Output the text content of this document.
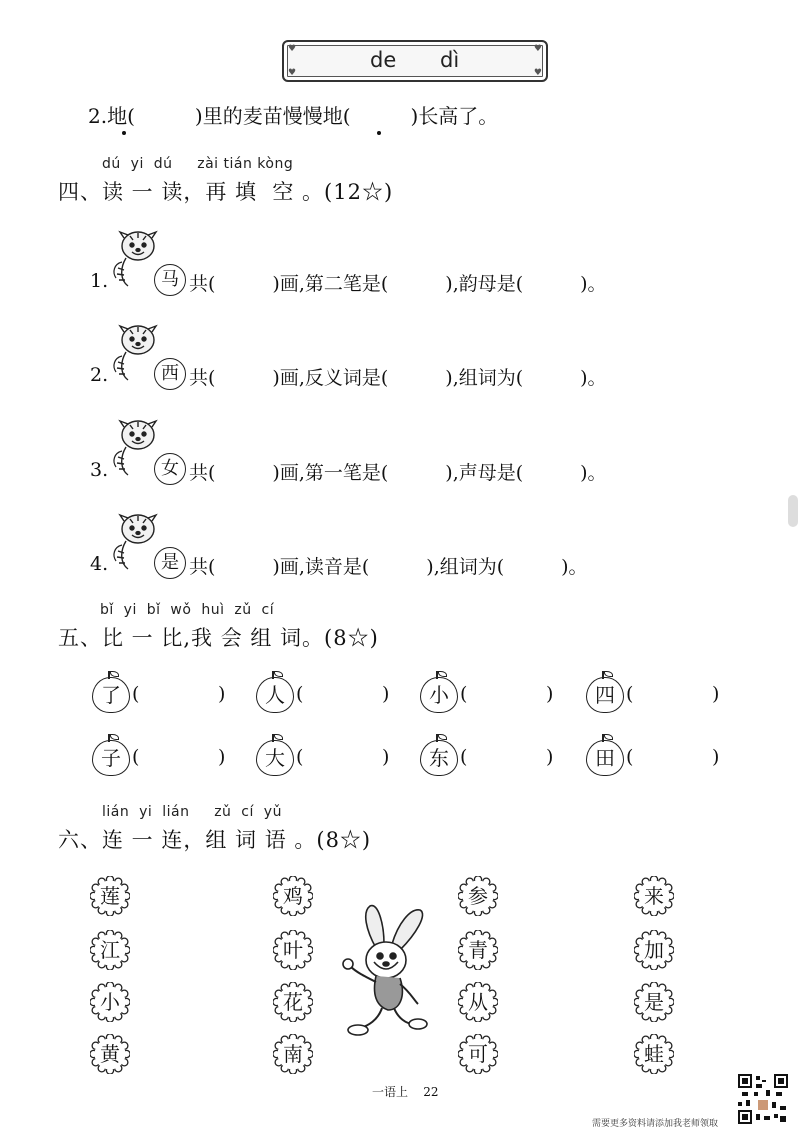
♥	♥
♥	♥
de dì
2.地(　　　)里的麦苗慢慢地(　　　)长高了。
dú  yi  dú     zài tián kòng
四、读 一 读，再 填  空 。(12☆)
1.	马 共(　　　)画,第二笔是(　　　),韵母是(　　　)。
2.	西 共(　　　)画,反义词是(　　　),组词为(　　　)。
3.	女 共(　　　)画,第一笔是(　　　),声母是(　　　)。
4.	是 共(　　　)画,读音是(　　　),组词为(　　　)。
bǐ  yi  bǐ  wǒ  huì  zǔ  cí
五、比 一 比,我 会 组 词。(8☆)
了 (	)	人 (	)	小 (	)	四 (	)
子 (	)	大 (	)	东 (	)	田 (	)
lián  yi  lián     zǔ  cí  yǔ
六、连 一 连，组 词 语 。(8☆)
莲
江
小
黄
鸡
叶
花
南
参
青
从
可
来
加
是
蛙
一语上    22
需要更多资料请添加我老师领取
